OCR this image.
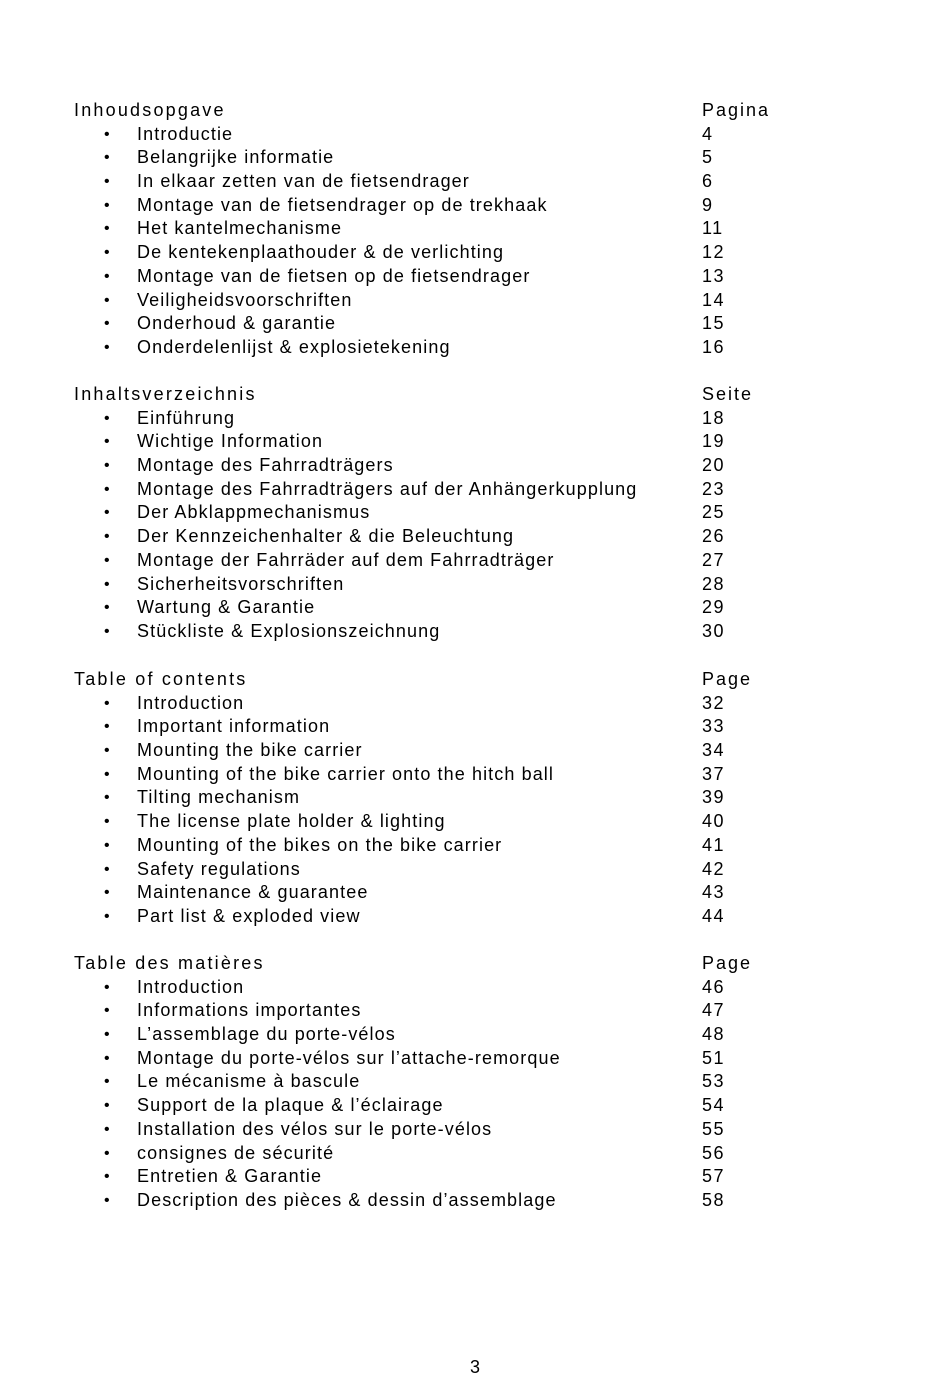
Inhoudsopgave	Pagina
• Introductie	4
• Belangrijke informatie	5
• In elkaar zetten van de fietsendrager	6
• Montage van de fietsendrager op de trekhaak	9
• Het kantelmechanisme	11
• De kentekenplaathouder & de verlichting	12
• Montage van de fietsen op de fietsendrager	13
• Veiligheidsvoorschriften	14
• Onderhoud & garantie	15
• Onderdelenlijst & explosietekening	16
Inhaltsverzeichnis	Seite
• Einführung	18
• Wichtige Information	19
• Montage des Fahrradträgers	20
• Montage des Fahrradträgers auf der Anhängerkupplung	23
• Der Abklappmechanismus	25
• Der Kennzeichenhalter & die Beleuchtung	26
• Montage der Fahrräder auf dem Fahrradträger	27
• Sicherheitsvorschriften	28
• Wartung & Garantie	29
• Stückliste & Explosionszeichnung	30
Table of contents	Page
• Introduction	32
• Important information	33
• Mounting the bike carrier	34
• Mounting of the bike carrier onto the hitch ball	37
• Tilting mechanism	39
• The license plate holder & lighting	40
• Mounting of the bikes on the bike carrier	41
• Safety regulations	42
• Maintenance & guarantee	43
• Part list & exploded view	44
Table des matières	Page
• Introduction	46
• Informations importantes	47
• L’assemblage du porte-vélos	48
• Montage du porte-vélos sur l’attache-remorque	51
• Le mécanisme à bascule	53
• Support de la plaque & l’éclairage	54
• Installation des vélos sur le porte-vélos	55
• consignes de sécurité	56
• Entretien & Garantie	57
• Description des pièces & dessin d’assemblage	58
3
